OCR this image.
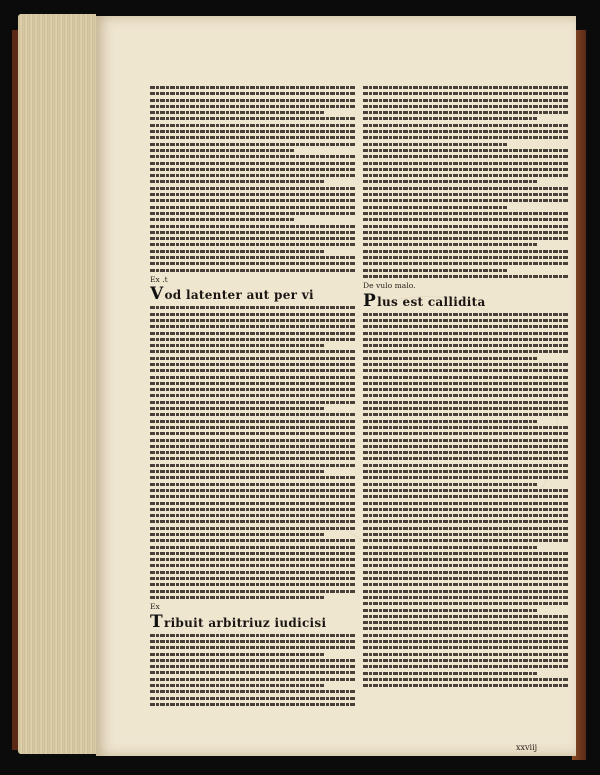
Ex .t
Vod latenter aut per vi
Ex
Tribuit arbitriuz iudicisi
De vulo malo.
Plus est callidita
xxviij
